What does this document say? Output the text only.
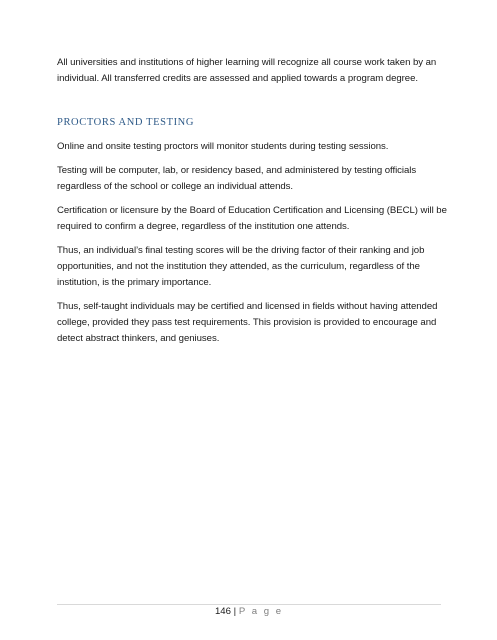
All universities and institutions of higher learning will recognize all course work taken by an individual. All transferred credits are assessed and applied towards a program degree.

PROCTORS AND TESTING

Online and onsite testing proctors will monitor students during testing sessions.

Testing will be computer, lab, or residency based, and administered by testing officials regardless of the school or college an individual attends.

Certification or licensure by the Board of Education Certification and Licensing (BECL) will be required to confirm a degree, regardless of the institution one attends.

Thus, an individual’s final testing scores will be the driving factor of their ranking and job opportunities, and not the institution they attended, as the curriculum, regardless of the institution, is the primary importance.

Thus, self-taught individuals may be certified and licensed in fields without having attended college, provided they pass test requirements. This provision is provided to encourage and detect abstract thinkers, and geniuses.

146 | P a g e
